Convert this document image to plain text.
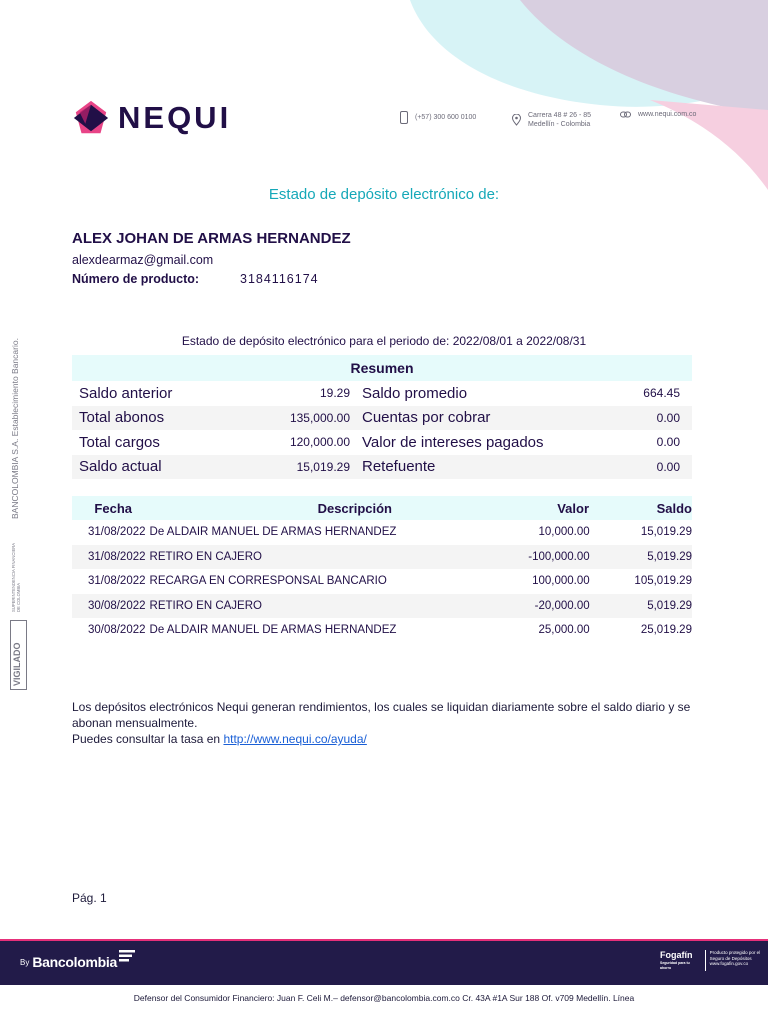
NEQUI	(+57) 300 600 0100	Carrera 48 # 26 - 85
Medellín - Colombia
www.nequi.com.co
Estado de depósito electrónico de:
ALEX JOHAN DE ARMAS HERNANDEZ
alexdearmaz@gmail.com
Número de producto:	3184116174
Estado de depósito electrónico para el periodo de: 2022/08/01 a 2022/08/31
Resumen
Saldo anterior	19.29 Saldo promedio	664.45
Total abonos	135,000.00 Cuentas por cobrar	0.00
Total cargos	120,000.00 Valor de intereses pagados	0.00
Saldo actual	15,019.29 Retefuente	0.00
Fecha	Descripción	Valor	Saldo
31/08/2022 De ALDAIR MANUEL DE ARMAS HERNANDEZ	10,000.00	15,019.29
31/08/2022 RETIRO EN CAJERO	-100,000.00	5,019.29
31/08/2022 RECARGA EN CORRESPONSAL BANCARIO	100,000.00	105,019.29
30/08/2022 RETIRO EN CAJERO	-20,000.00	5,019.29
30/08/2022 De ALDAIR MANUEL DE ARMAS HERNANDEZ	25,000.00	25,019.29
Los depósitos electrónicos Nequi generan rendimientos, los cuales se liquidan diariamente sobre el saldo diario y se abonan mensualmente.
Puedes consultar la tasa en http://www.nequi.co/ayuda/
Pág. 1
BANCOLOMBIA S.A. Establecimiento Bancario.
VIGILADO
SUPERINTENDENCIA FINANCIERA DE COLOMBIA
By Bancolombia	Fogafín
Seguridad para tu ahorro
Producto protegido por el Seguro de Depósitos
www.fogafin.gov.co
Defensor del Consumidor Financiero: Juan F. Celi M.– defensor@bancolombia.com.co Cr. 43A #1A Sur 188 Of. v709 Medellín. Línea
